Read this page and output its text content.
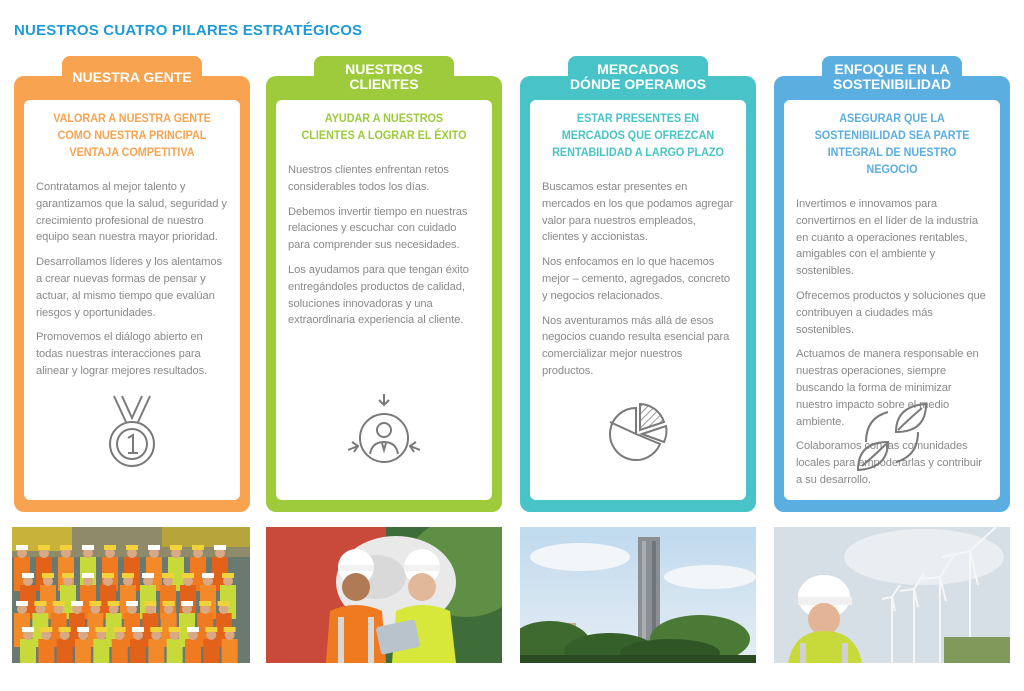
NUESTROS CUATRO PILARES ESTRATÉGICOS
NUESTRA GENTE

VALORAR A NUESTRA GENTE COMO NUESTRA PRINCIPAL VENTAJA COMPETITIVA

Contratamos al mejor talento y garantizamos que la salud, seguridad y crecimiento profesional de nuestro equipo sean nuestra mayor prioridad.

Desarrollamos líderes y los alentamos a crear nuevas formas de pensar y actuar, al mismo tiempo que evalúan riesgos y oportunidades.

Promovemos el diálogo abierto en todas nuestras interacciones para alinear y lograr mejores resultados.

NUESTROS
CLIENTES
AYUDAR A NUESTROS CLIENTES A LOGRAR EL ÉXITO

Nuestros clientes enfrentan retos considerables todos los días.

Debemos invertir tiempo en nuestras relaciones y escuchar con cuidado para comprender sus necesidades.

Los ayudamos para que tengan éxito entregándoles productos de calidad, soluciones innovadoras y una extraordinaria experiencia al cliente.

MERCADOS
DÓNDE OPERAMOS
ESTAR PRESENTES EN MERCADOS QUE OFREZCAN RENTABILIDAD A LARGO PLAZO

Buscamos estar presentes en mercados en los que podamos agregar valor para nuestros empleados, clientes y accionistas.

Nos enfocamos en lo que hacemos mejor – cemento, agregados, concreto y negocios relacionados.

Nos aventuramos más allá de esos negocios cuando resulta esencial para comercializar mejor nuestros productos.

ENFOQUE EN LA
SOSTENIBILIDAD
ASEGURAR QUE LA SOSTENIBILIDAD SEA PARTE INTEGRAL DE NUESTRO NEGOCIO

Invertimos e innovamos para convertirnos en el líder de la industria en cuanto a operaciones rentables, amigables con el ambiente y sostenibles.

Ofrecemos productos y soluciones que contribuyen a ciudades más sostenibles.

Actuamos de manera responsable en nuestras operaciones, siempre buscando la forma de minimizar nuestro impacto sobre el medio ambiente.

Colaboramos con las comunidades locales para empoderarlas y contribuir a su desarrollo.
